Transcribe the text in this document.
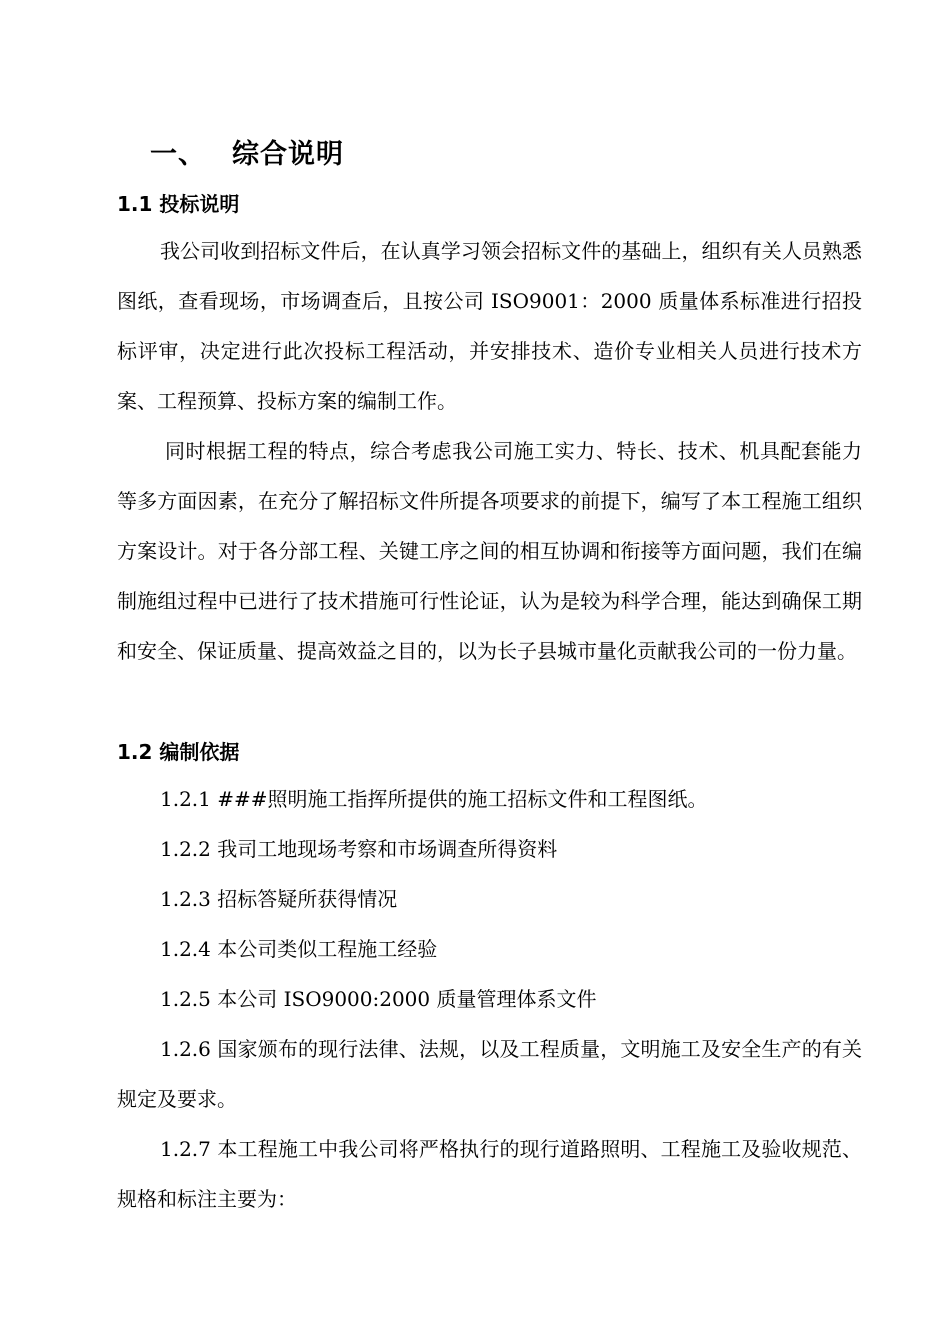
一、 综合说明
1.1 投标说明
我公司收到招标文件后，在认真学习领会招标文件的基础上，组织有关人员熟悉图纸，查看现场，市场调查后，且按公司 ISO9001：2000 质量体系标准进行招投标评审，决定进行此次投标工程活动，并安排技术、造价专业相关人员进行技术方案、工程预算、投标方案的编制工作。
同时根据工程的特点，综合考虑我公司施工实力、特长、技术、机具配套能力等多方面因素，在充分了解招标文件所提各项要求的前提下，编写了本工程施工组织方案设计。对于各分部工程、关键工序之间的相互协调和衔接等方面问题，我们在编制施组过程中已进行了技术措施可行性论证，认为是较为科学合理，能达到确保工期和安全、保证质量、提高效益之目的，以为长子县城市量化贡献我公司的一份力量。
1.2 编制依据
1.2.1 ###照明施工指挥所提供的施工招标文件和工程图纸。
1.2.2 我司工地现场考察和市场调查所得资料
1.2.3 招标答疑所获得情况
1.2.4 本公司类似工程施工经验
1.2.5 本公司 ISO9000:2000 质量管理体系文件
1.2.6 国家颁布的现行法律、法规，以及工程质量，文明施工及安全生产的有关规定及要求。
1.2.7 本工程施工中我公司将严格执行的现行道路照明、工程施工及验收规范、规格和标注主要为：
